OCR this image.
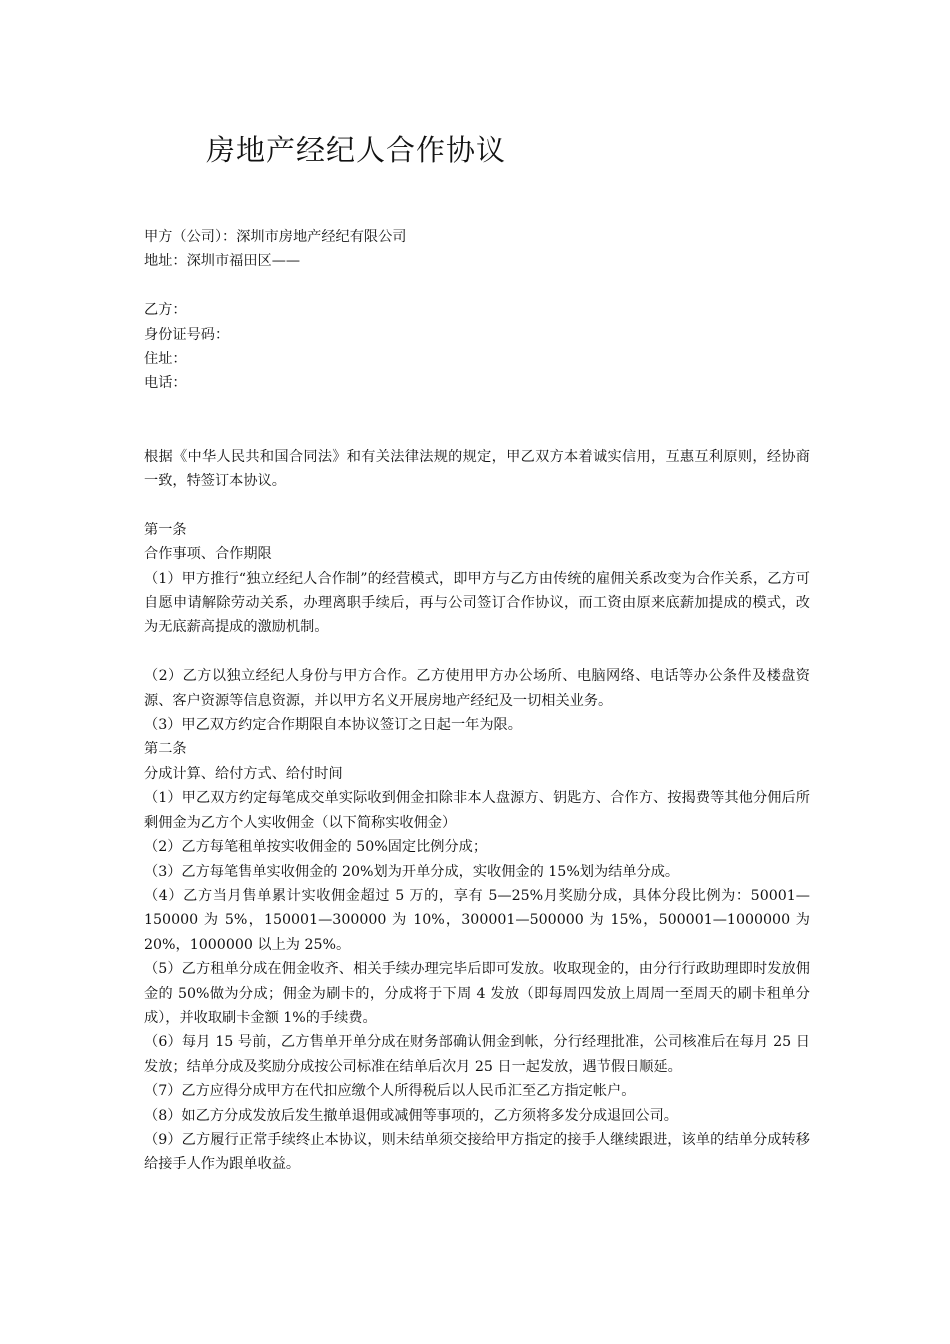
房地产经纪人合作协议

甲方（公司）：深圳市房地产经纪有限公司

地址：深圳市福田区——

乙方：

身份证号码：

住址：

电话：

根据《中华人民共和国合同法》和有关法律法规的规定，甲乙双方本着诚实信用，互惠互利原则，经协商一致，特签订本协议。

第一条

合作事项、合作期限

（1）甲方推行“独立经纪人合作制”的经营模式，即甲方与乙方由传统的雇佣关系改变为合作关系，乙方可自愿申请解除劳动关系，办理离职手续后，再与公司签订合作协议，而工资由原来底薪加提成的模式，改为无底薪高提成的激励机制。

（2）乙方以独立经纪人身份与甲方合作。乙方使用甲方办公场所、电脑网络、电话等办公条件及楼盘资源、客户资源等信息资源，并以甲方名义开展房地产经纪及一切相关业务。

（3）甲乙双方约定合作期限自本协议签订之日起一年为限。

第二条

分成计算、给付方式、给付时间

（1）甲乙双方约定每笔成交单实际收到佣金扣除非本人盘源方、钥匙方、合作方、按揭费等其他分佣后所剩佣金为乙方个人实收佣金（以下简称实收佣金）

（2）乙方每笔租单按实收佣金的 50%固定比例分成；

（3）乙方每笔售单实收佣金的 20%划为开单分成，实收佣金的 15%划为结单分成。

（4）乙方当月售单累计实收佣金超过 5 万的，享有 5—25%月奖励分成，具体分段比例为：50001—150000 为 5%，150001—300000 为 10%，300001—500000 为 15%，500001—1000000 为 20%，1000000 以上为 25%。

（5）乙方租单分成在佣金收齐、相关手续办理完毕后即可发放。收取现金的，由分行行政助理即时发放佣金的 50%做为分成；佣金为刷卡的，分成将于下周 4 发放（即每周四发放上周周一至周天的刷卡租单分成），并收取刷卡金额 1%的手续费。

（6）每月 15 号前，乙方售单开单分成在财务部确认佣金到帐，分行经理批准，公司核准后在每月 25 日发放；结单分成及奖励分成按公司标准在结单后次月 25 日一起发放，遇节假日顺延。

（7）乙方应得分成甲方在代扣应缴个人所得税后以人民币汇至乙方指定帐户。

（8）如乙方分成发放后发生撤单退佣或减佣等事项的，乙方须将多发分成退回公司。

（9）乙方履行正常手续终止本协议，则未结单须交接给甲方指定的接手人继续跟进，该单的结单分成转移给接手人作为跟单收益。
